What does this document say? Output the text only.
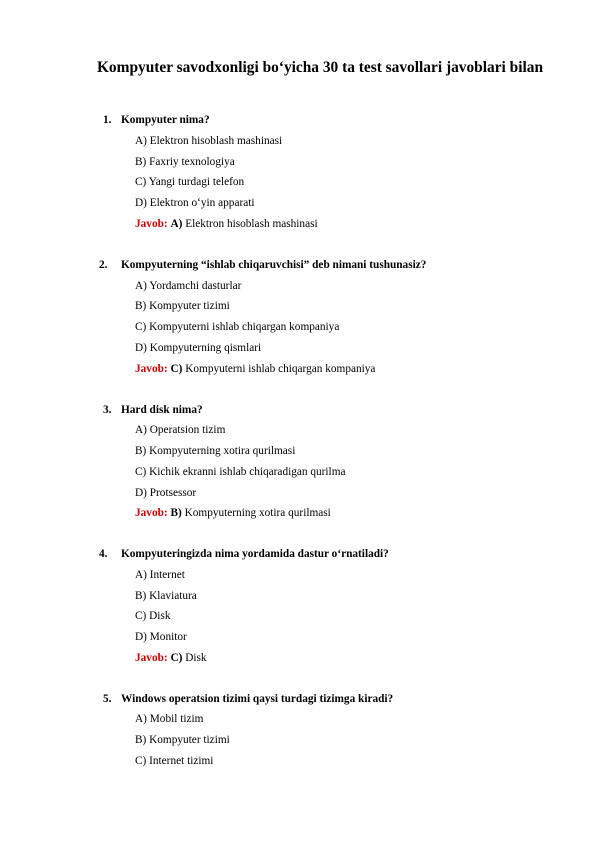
Kompyuter savodxonligi bo‘yicha 30 ta test savollari javoblari bilan
1. Kompyuter nima?
A) Elektron hisoblash mashinasi
B) Faxriy texnologiya
C) Yangi turdagi telefon
D) Elektron o‘yin apparati
Javob: A) Elektron hisoblash mashinasi
2. Kompyuterning “ishlab chiqaruvchisi” deb nimani tushunasiz?
A) Yordamchi dasturlar
B) Kompyuter tizimi
C) Kompyuterni ishlab chiqargan kompaniya
D) Kompyuterning qismlari
Javob: C) Kompyuterni ishlab chiqargan kompaniya
3. Hard disk nima?
A) Operatsion tizim
B) Kompyuterning xotira qurilmasi
C) Kichik ekranni ishlab chiqaradigan qurilma
D) Protsessor
Javob: B) Kompyuterning xotira qurilmasi
4. Kompyuteringizda nima yordamida dastur o‘rnatiladi?
A) Internet
B) Klaviatura
C) Disk
D) Monitor
Javob: C) Disk
5. Windows operatsion tizimi qaysi turdagi tizimga kiradi?
A) Mobil tizim
B) Kompyuter tizimi
C) Internet tizimi
